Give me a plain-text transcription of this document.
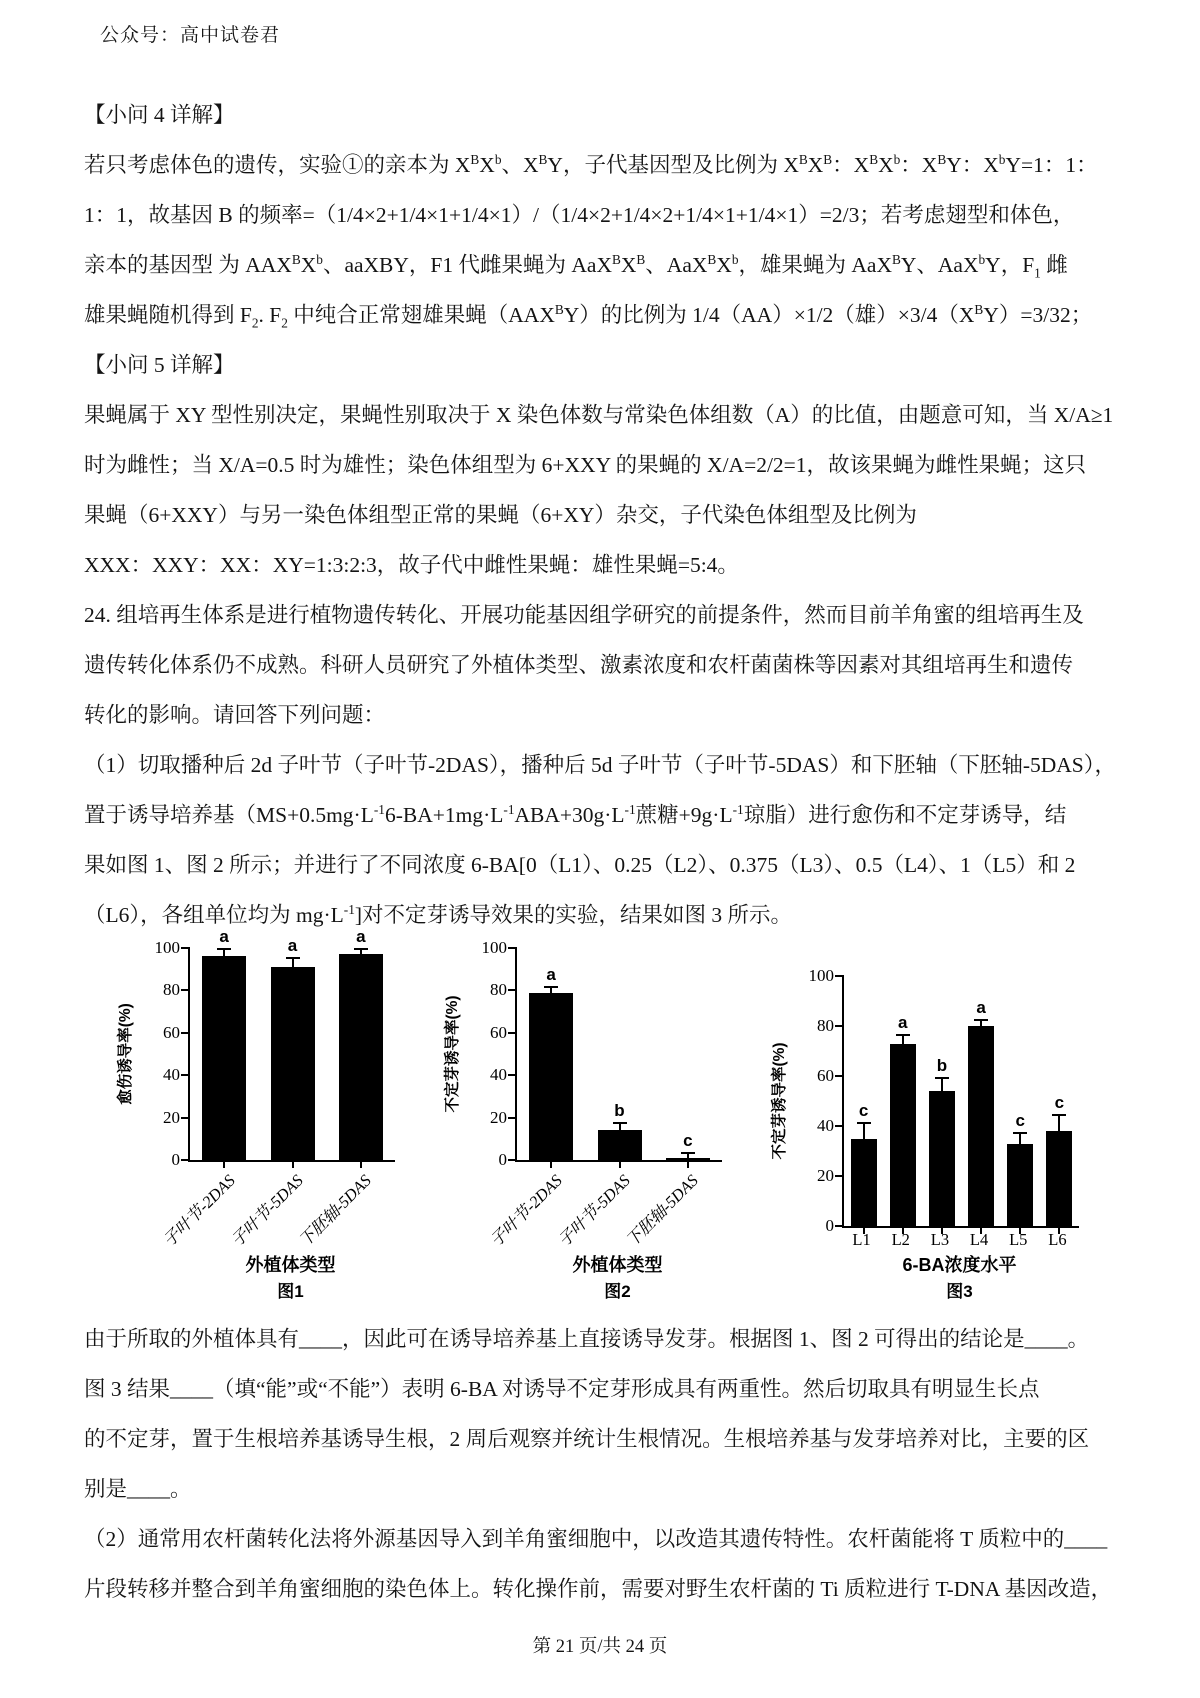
公众号：高中试卷君
【小问 4 详解】
若只考虑体色的遗传，实验①的亲本为 $X^BX^b$、$X^BY$，子代基因型及比例为 $X^BX^B$：$X^BX^b$：$X^BY$：$X^bY=1$：1：
1：1，故基因 B 的频率=（1/4×2+1/4×1+1/4×1）/（1/4×2+1/4×2+1/4×1+1/4×1）=2/3；若考虑翅型和体色，
亲本的基因型 为 $AAX^BX^b$、aaXBY，F1 代雌果蝇为 $AaX^BX^B$、$AaX^BX^b$，雄果蝇为 AaX$^B$Y、AaX$^b$Y，$F_1$ 雌
雄果蝇随机得到 $F_2$. $F_2$ 中纯合正常翅雄果蝇$(AAX^BY)$的比例为 1/4（AA）×1/2（雄）$\times 3/4(X^BY)=3/32$；
【小问 5 详解】
果蝇属于 XY 型性别决定，果蝇性别取决于 X 染色体数与常染色体组数（A）的比值，由题意可知，当 X/A≥1
时为雌性；当 X/A=0.5 时为雄性；染色体组型为 6+XXY 的果蝇的 X/A=2/2=1，故该果蝇为雌性果蝇；这只
果蝇（6+XXY）与另一染色体组型正常的果蝇（6+XY）杂交，子代染色体组型及比例为
XXX：XXY：XX：XY=1:3:2:3，故子代中雌性果蝇：雄性果蝇=5:4。
24. 组培再生体系是进行植物遗传转化、开展功能基因组学研究的前提条件，然而目前羊角蜜的组培再生及
遗传转化体系仍不成熟。科研人员研究了外植体类型、激素浓度和农杆菌菌株等因素对其组培再生和遗传
转化的影响。请回答下列问题：
（1）切取播种后 2d 子叶节（子叶节-2DAS），播种后 5d 子叶节（子叶节-5DAS）和下胚轴（下胚轴-5DAS），
置于诱导培养基（$MS+0.5mg\cdot L^{-1}6-BA+1mg\cdot L^{-1}ABA+30g\cdot L^{-1}$蔗糖$+9g\cdot L^{-1}$琼脂）进行愈伤和不定芽诱导，结
果如图 1、图 2 所示；并进行了不同浓度 6-BA[0（L1）、0.25（L2）、0.375（L3）、0.5（L4）、1（L5）和 2
（L6），各组单位均为 $mg\cdot L^{-1}$]对不定芽诱导效果的实验，结果如图 3 所示。
愈伤诱导率(%)
0
20
40
60
80
100
a	a	a
子叶节-2DAS
子叶节-5DAS
下胚轴-5DAS
外植体类型
图1
不定芽诱导率(%)
0
20
40
60
80
100
a
b
c
子叶节-2DAS
子叶节-5DAS
下胚轴-5DAS
外植体类型
图2
不定芽诱导率(%)
0
20
40
60
80
100
c
a
b
a
c
c
L1 L2 L3 L4 L5 L6
6-BA浓度水平
图3
由于所取的外植体具有____，因此可在诱导培养基上直接诱导发芽。根据图 1、图 2 可得出的结论是____。
图 3 结果____（填“能”或“不能”）表明 6-BA 对诱导不定芽形成具有两重性。然后切取具有明显生长点
的不定芽，置于生根培养基诱导生根，2 周后观察并统计生根情况。生根培养基与发芽培养对比，主要的区
别是____。
（2）通常用农杆菌转化法将外源基因导入到羊角蜜细胞中，以改造其遗传特性。农杆菌能将 T 质粒中的____
片段转移并整合到羊角蜜细胞的染色体上。转化操作前，需要对野生农杆菌的 Ti 质粒进行 T-DNA 基因改造，
第 21 页/共 24 页
